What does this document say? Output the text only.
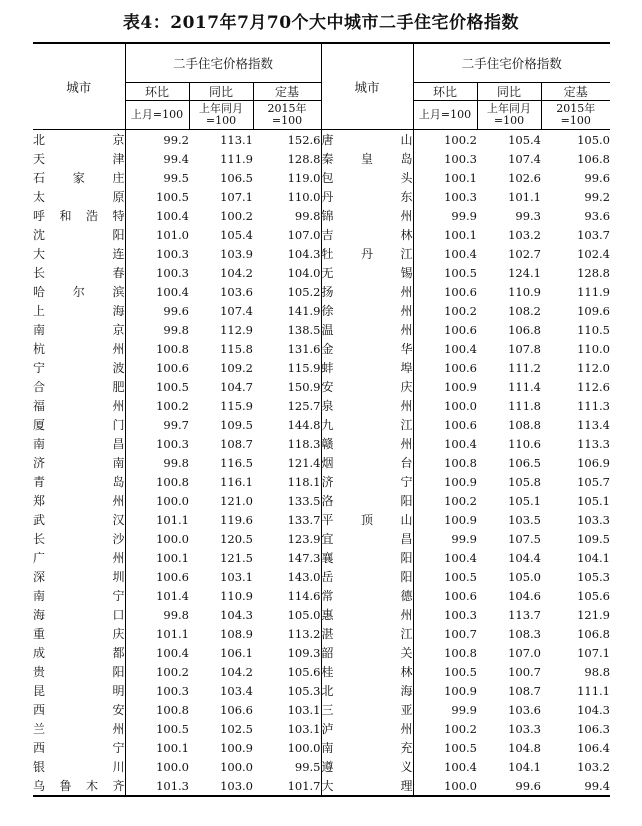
表4：2017年7月70个大中城市二手住宅价格指数
城市	二手住宅价格指数			城市	二手住宅价格指数		
	环比	同比	定基		环比	同比	定基
	上月=100	上年同月=100	2015年=100		上月=100	上年同月=100	2015年=100
北京	99.2	113.1	152.6	唐山	100.2	105.4	105.0
天津	99.4	111.9	128.8	秦皇岛	100.3	107.4	106.8
石家庄	99.5	106.5	119.0	包头	100.1	102.6	99.6
太原	100.5	107.1	110.0	丹东	100.3	101.1	99.2
呼和浩特	100.4	100.2	99.8	锦州	99.9	99.3	93.6
沈阳	101.0	105.4	107.0	吉林	100.1	103.2	103.7
大连	100.3	103.9	104.3	牡丹江	100.4	102.7	102.4
长春	100.3	104.2	104.0	无锡	100.5	124.1	128.8
哈尔滨	100.4	103.6	105.2	扬州	100.6	110.9	111.9
上海	99.6	107.4	141.9	徐州	100.2	108.2	109.6
南京	99.8	112.9	138.5	温州	100.6	106.8	110.5
杭州	100.8	115.8	131.6	金华	100.4	107.8	110.0
宁波	100.6	109.2	115.9	蚌埠	100.6	111.2	112.0
合肥	100.5	104.7	150.9	安庆	100.9	111.4	112.6
福州	100.2	115.9	125.7	泉州	100.0	111.8	111.3
厦门	99.7	109.5	144.8	九江	100.6	108.8	113.4
南昌	100.3	108.7	118.3	赣州	100.4	110.6	113.3
济南	99.8	116.5	121.4	烟台	100.8	106.5	106.9
青岛	100.8	116.1	118.1	济宁	100.9	105.8	105.7
郑州	100.0	121.0	133.5	洛阳	100.2	105.1	105.1
武汉	101.1	119.6	133.7	平顶山	100.9	103.5	103.3
长沙	100.0	120.5	123.9	宜昌	99.9	107.5	109.5
广州	100.1	121.5	147.3	襄阳	100.4	104.4	104.1
深圳	100.6	103.1	143.0	岳阳	100.5	105.0	105.3
南宁	101.4	110.9	114.6	常德	100.6	104.6	105.6
海口	99.8	104.3	105.0	惠州	100.3	113.7	121.9
重庆	101.1	108.9	113.2	湛江	100.7	108.3	106.8
成都	100.4	106.1	109.3	韶关	100.8	107.0	107.1
贵阳	100.2	104.2	105.6	桂林	100.5	100.7	98.8
昆明	100.3	103.4	105.3	北海	100.9	108.7	111.1
西安	100.8	106.6	103.1	三亚	99.9	103.6	104.3
兰州	100.5	102.5	103.1	泸州	100.2	103.3	106.3
西宁	100.1	100.9	100.0	南充	100.5	104.8	106.4
银川	100.0	100.0	99.5	遵义	100.4	104.1	103.2
乌鲁木齐	101.3	103.0	101.7	大理	100.0	99.6	99.4
